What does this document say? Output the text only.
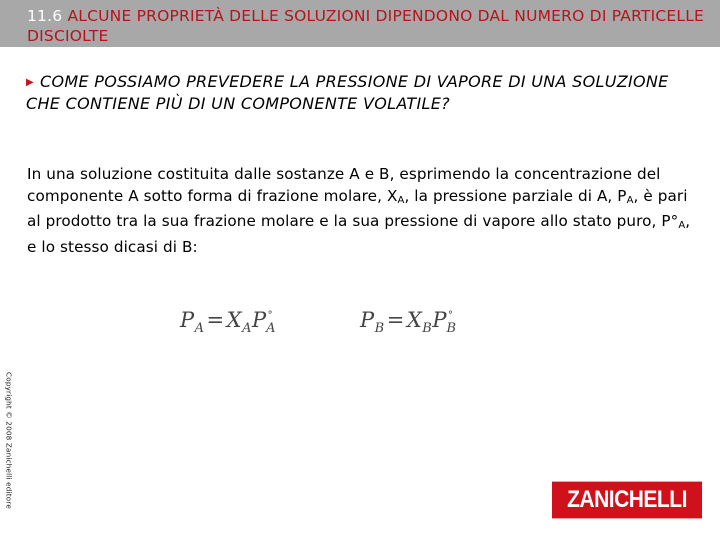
11.6 ALCUNE PROPRIETÀ DELLE SOLUZIONI DIPENDONO DAL NUMERO DI PARTICELLE DISCIOLTE
▶ COME POSSIAMO PREVEDERE LA PRESSIONE DI VAPORE DI UNA SOLUZIONE CHE CONTIENE PIÙ DI UN COMPONENTE VOLATILE?
In una soluzione costituita dalle sostanze A e B, esprimendo la concentrazione del componente A sotto forma di frazione molare, $X_A$, la pressione parziale di A, $P_A$, è pari al prodotto tra la sua frazione molare e la sua pressione di vapore allo stato puro, $P^\circ_A$, e lo stesso dicasi di B:
$P_A=X_AP^\circ_A$	$P_B=X_BP^\circ_B$
Copyright © 2008 Zanichelli editore	ZANICHELLI
